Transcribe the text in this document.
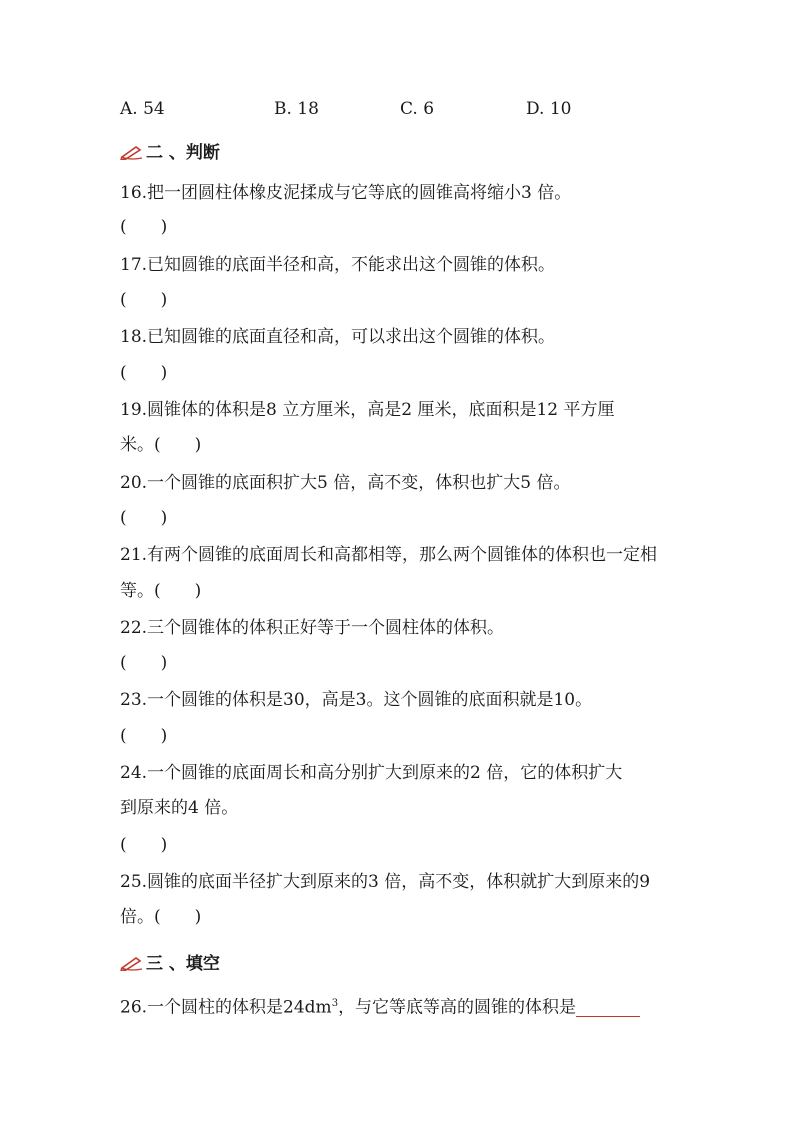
A. 54	B. 18	C. 6	D. 10
二 、判断
16.把一团圆柱体橡皮泥揉成与它等底的圆锥高将缩小3 倍。
(　　)
17.已知圆锥的底面半径和高，不能求出这个圆锥的体积。
(　　)
18.已知圆锥的底面直径和高，可以求出这个圆锥的体积。
(　　)
19.圆锥体的体积是8 立方厘米，高是2 厘米，底面积是12 平方厘
米。(　　)
20.一个圆锥的底面积扩大5 倍，高不变，体积也扩大5 倍。
(　　)
21.有两个圆锥的底面周长和高都相等，那么两个圆锥体的体积也一定相
等。(　　)
22.三个圆锥体的体积正好等于一个圆柱体的体积。
(　　)
23.一个圆锥的体积是30，高是3。这个圆锥的底面积就是10。
(　　)
24.一个圆锥的底面周长和高分别扩大到原来的2 倍，它的体积扩大
到原来的4 倍。
(　　)
25.圆锥的底面半径扩大到原来的3 倍，高不变，体积就扩大到原来的9
倍。(　　)
三 、填空
26.一个圆柱的体积是$24dm^3$，与它等底等高的圆锥的体积是
